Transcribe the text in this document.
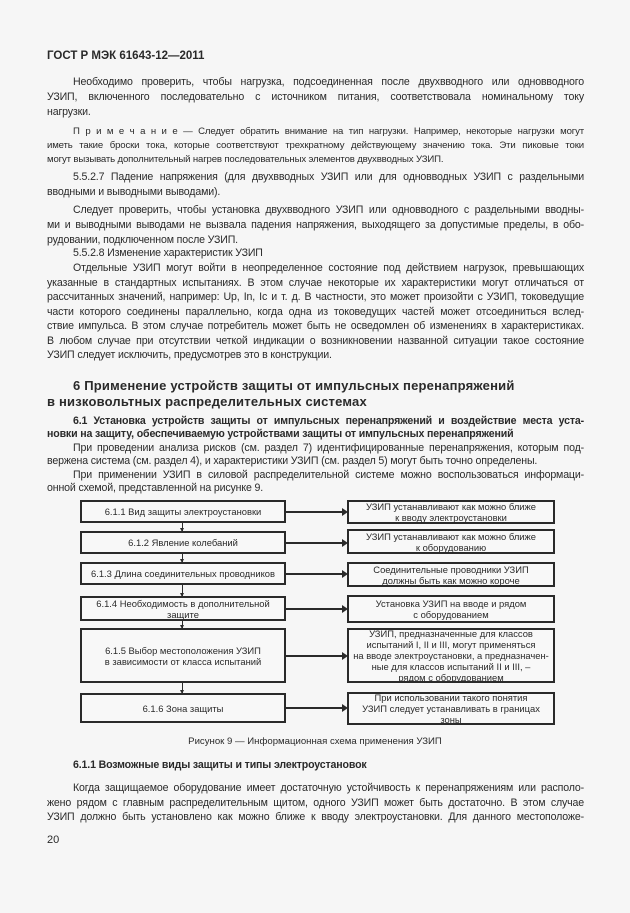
ГОСТ Р МЭК 61643-12—2011
Необходимо проверить, чтобы нагрузка, подсоединенная после двухвводного или одновводного
УЗИП, включенного последовательно с источником питания, соответствовала номинальному току
нагрузки.
П р и м е ч а н и е — Следует обратить внимание на тип нагрузки. Например, некоторые нагрузки могут
иметь такие броски тока, которые соответствуют трехкратному действующему значению тока. Эти пиковые токи
могут вызывать дополнительный нагрев последовательных элементов двухвводных УЗИП.
5.5.2.7 Падение напряжения (для двухвводных УЗИП или для одновводных УЗИП с раздельными
вводными и выводными выводами).
Следует проверить, чтобы установка двухвводного УЗИП или одновводного с раздельными вводны-
ми и выводными выводами не вызвала падения напряжения, выходящего за допустимые пределы, в обо-
рудовании, подключенном после УЗИП.
5.5.2.8 Изменение характеристик УЗИП
Отдельные УЗИП могут войти в неопределенное состояние под действием нагрузок, превышающих
указанные в стандартных испытаниях. В этом случае некоторые их характеристики могут отличаться от
рассчитанных значений, например: Up, In, Ic и т. д. В частности, это может произойти с УЗИП, токоведущие
части которого соединены параллельно, когда одна из токоведущих частей может отсоединиться вслед-
ствие импульса. В этом случае потребитель может быть не осведомлен об изменениях в характеристиках.
В любом случае при отсутствии четкой индикации о возникновении названной ситуации такое состояние
УЗИП следует исключить, предусмотрев это в конструкции.
6 Применение устройств защиты от импульсных перенапряжений
в низковольтных распределительных системах
6.1 Установка устройств защиты от импульсных перенапряжений и воздействие места уста-
новки на защиту, обеспечиваемую устройствами защиты от импульсных перенапряжений
При проведении анализа рисков (см. раздел 7) идентифицированные перенапряжения, которым под-
вержена система (см. раздел 4), и характеристики УЗИП (см. раздел 5) могут быть точно определены.
При применении УЗИП в силовой распределительной системе можно воспользоваться информаци-
онной схемой, представленной на рисунке 9.
6.1.1 Возможные виды защиты и типы электроустановок
Когда защищаемое оборудование имеет достаточную устойчивость к перенапряжениям или располо-
жено рядом с главным распределительным щитом, одного УЗИП может быть достаточно. В этом случае
УЗИП должно быть установлено как можно ближе к вводу электроустановки. Для данного местоположе-
6.1.1 Вид защиты электроустановки	УЗИП устанавливают как можно ближе
к вводу электроустановки
6.1.2 Явление колебаний
УЗИП устанавливают как можно ближе
к оборудованию
6.1.3 Длина соединительных проводников	Соединительные проводники УЗИП
должны быть как можно короче
6.1.4 Необходимость в дополнительной
защите
Установка УЗИП на вводе и рядом
с оборудованием
6.1.5 Выбор местоположения УЗИП
в зависимости от класса испытаний
УЗИП, предназначенные для классов
испытаний I, II и III, могут применяться
на вводе электроустановки, а предназначен-
ные для классов испытаний II и III, –
рядом с оборудованием
6.1.6 Зона защиты
При использовании такого понятия
УЗИП следует устанавливать в границах
зоны
Рисунок 9 — Информационная схема применения УЗИП
20
